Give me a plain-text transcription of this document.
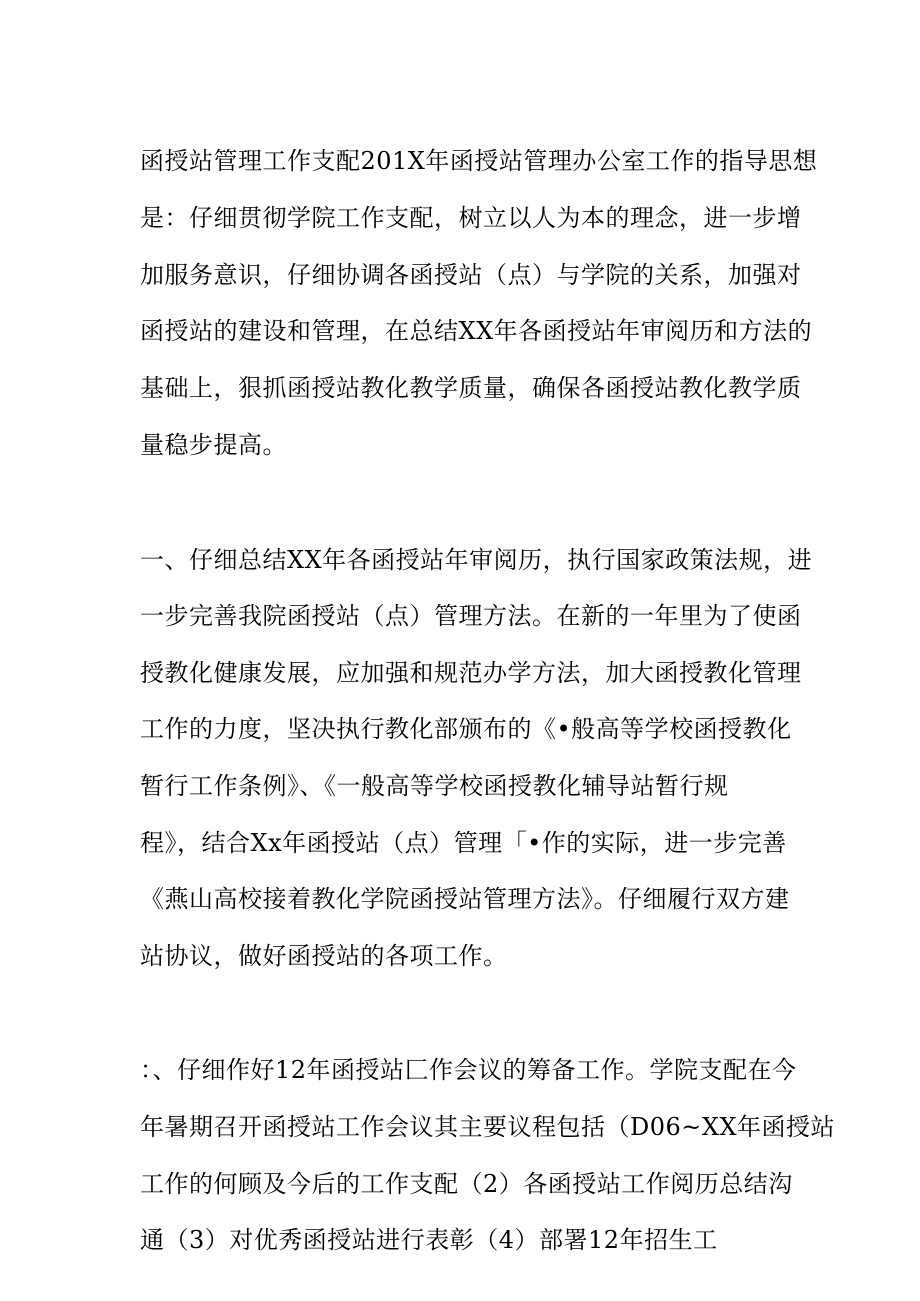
函授站管理工作支配201X年函授站管理办公室工作的指导思想
是：仔细贯彻学院工作支配，树立以人为本的理念，进一步增
加服务意识，仔细协调各函授站（点）与学院的关系，加强对
函授站的建设和管理，在总结XX年各函授站年审阅历和方法的
基础上，狠抓函授站教化教学质量，确保各函授站教化教学质
量稳步提高。
一、仔细总结XX年各函授站年审阅历，执行国家政策法规，进
一步完善我院函授站（点）管理方法。在新的一年里为了使函
授教化健康发展，应加强和规范办学方法，加大函授教化管理
工作的力度，坚决执行教化部颁布的《•般高等学校函授教化
暂行工作条例》、《一般高等学校函授教化辅导站暂行规
程》，结合Xx年函授站（点）管理「•作的实际，进一步完善
《燕山高校接着教化学院函授站管理方法》。仔细履行双方建
站协议，做好函授站的各项工作。
：、仔细作好12年函授站匚作会议的筹备工作。学院支配在今
年暑期召开函授站工作会议其主要议程包括（D06~XX年函授站
工作的何顾及今后的工作支配（2）各函授站工作阅历总结沟
通（3）对优秀函授站进行表彰（4）部署12年招生工
